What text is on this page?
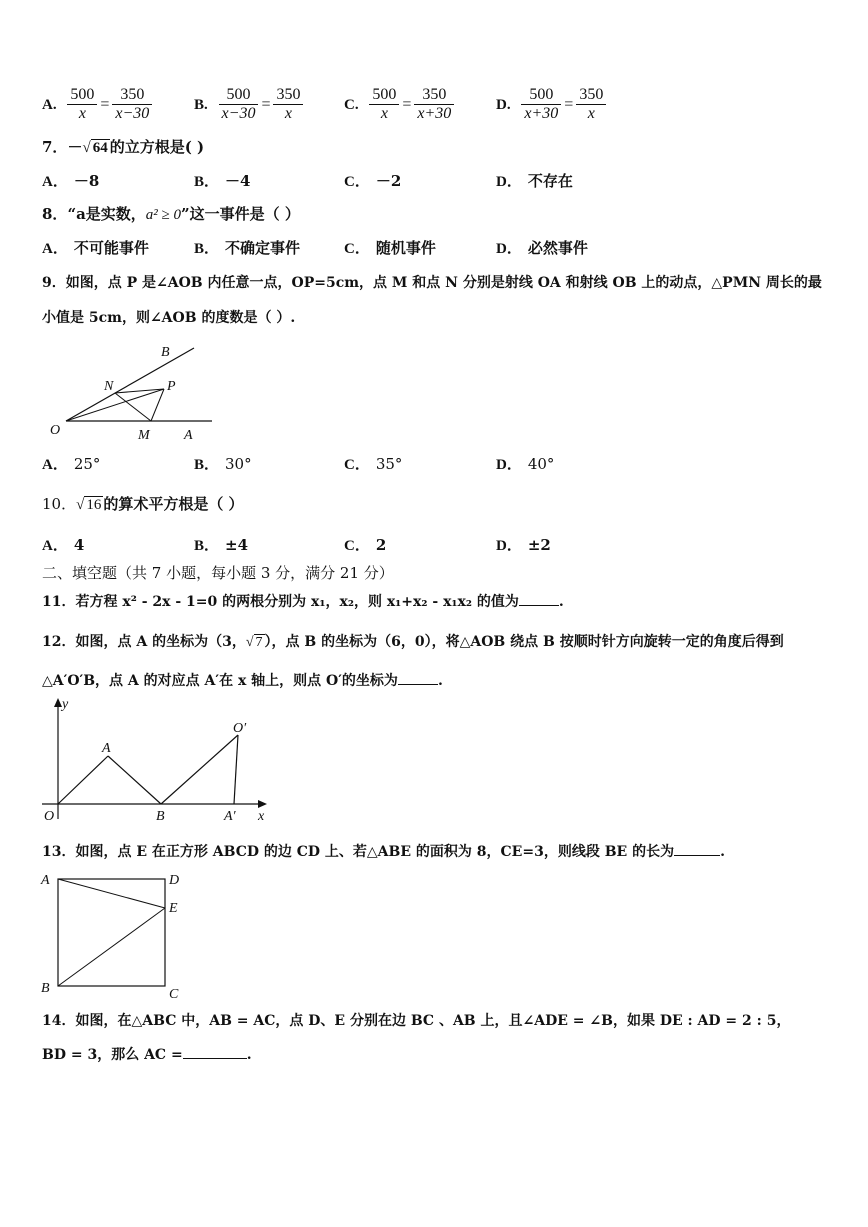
A. $\frac{500}{x} = \frac{350}{x-30}$	B. $\frac{500}{x-30} = \frac{350}{x}$	C. $\frac{500}{x} = \frac{350}{x+30}$	D. $\frac{500}{x+30} = \frac{350}{x}$
7．－√ 64 的立方根是( )
A． －8	B． －4	C． －2	D． 不存在
8．“a是实数，a² ≥ 0”这一事件是（ ）
A． 不可能事件	B． 不确定事件	C． 随机事件	D． 必然事件
9．如图，点 P 是∠AOB 内任意一点，OP=5cm，点 M 和点 N 分别是射线 OA 和射线 OB 上的动点，△PMN 周长的最
小值是 5cm，则∠AOB 的度数是（ ）.
B
N	P
O	M A
A． 25°	B． 30°	C． 35°	D． 40°
10．√ 16 的算术平方根是（ ）
A． 4	B． ±4	C． 2	D． ±2
二、填空题（共 7 小题，每小题 3 分，满分 21 分）
11．若方程 x² - 2x - 1=0 的两根分别为 x₁，x₂，则 x₁+x₂ - x₁x₂ 的值为	.
12．如图，点 A 的坐标为（3，√ 7 ），点 B 的坐标为（6，0），将△AOB 绕点 B 按顺时针方向旋转一定的角度后得到
△A′O′B，点 A 的对应点 A′在 x 轴上，则点 O′的坐标为	.
y
A
O′
O	B	A′ x
13．如图，点 E 在正方形 ABCD 的边 CD 上、若△ABE 的面积为 8，CE=3，则线段 BE 的长为	.
A	D
E
B	C
14．如图，在△ABC 中，AB = AC，点 D、E 分别在边 BC 、AB 上，且∠ADE = ∠B，如果 DE : AD = 2 : 5，
BD = 3，那么 AC =	.
